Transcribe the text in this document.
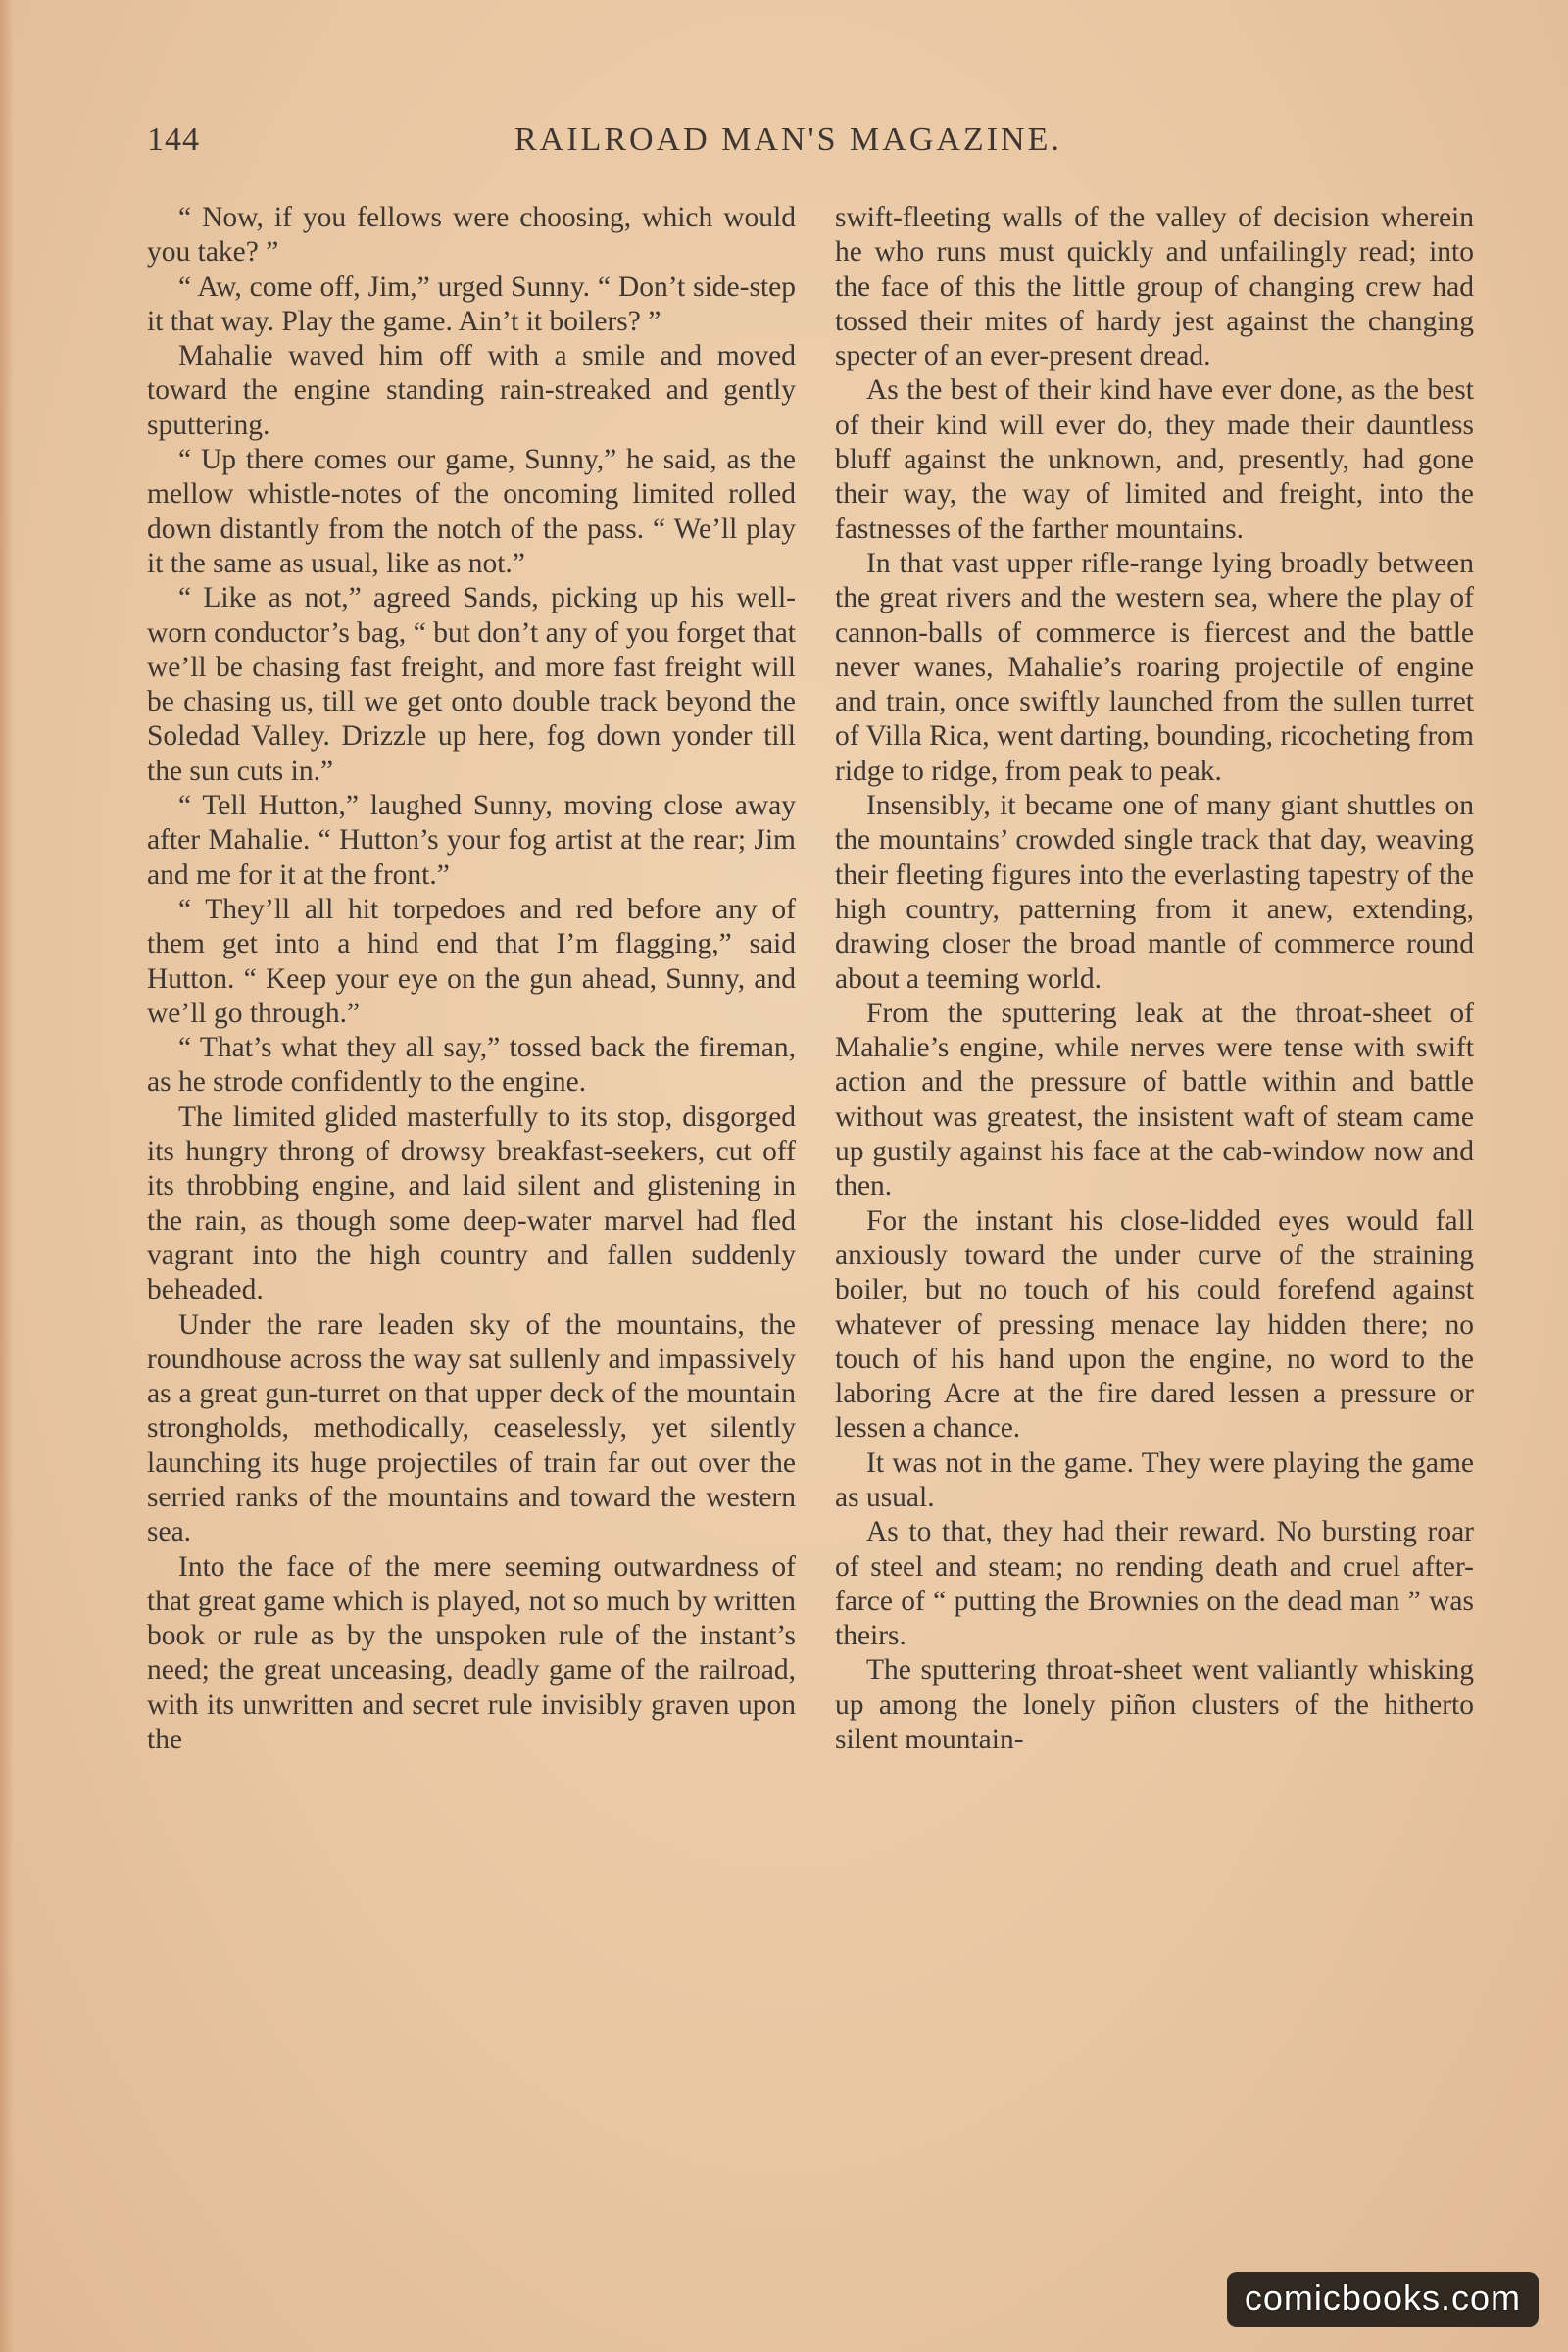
144	RAILROAD MAN'S MAGAZINE.

“ Now, if you fellows were choosing, which would you take? ”

“ Aw, come off, Jim,” urged Sunny. “ Don’t side-step it that way. Play the game. Ain’t it boilers? ”

Mahalie waved him off with a smile and moved toward the engine standing rain-streaked and gently sputtering.

“ Up there comes our game, Sunny,” he said, as the mellow whistle-notes of the oncoming limited rolled down distantly from the notch of the pass. “ We’ll play it the same as usual, like as not.”

“ Like as not,” agreed Sands, picking up his well-worn conductor’s bag, “ but don’t any of you forget that we’ll be chasing fast freight, and more fast freight will be chasing us, till we get onto double track beyond the Soledad Valley. Drizzle up here, fog down yonder till the sun cuts in.”

“ Tell Hutton,” laughed Sunny, moving close away after Mahalie. “ Hutton’s your fog artist at the rear; Jim and me for it at the front.”

“ They’ll all hit torpedoes and red before any of them get into a hind end that I’m flagging,” said Hutton. “ Keep your eye on the gun ahead, Sunny, and we’ll go through.”

“ That’s what they all say,” tossed back the fireman, as he strode confidently to the engine.

The limited glided masterfully to its stop, disgorged its hungry throng of drowsy breakfast-seekers, cut off its throbbing engine, and laid silent and glistening in the rain, as though some deep-water marvel had fled vagrant into the high country and fallen suddenly beheaded.

Under the rare leaden sky of the mountains, the roundhouse across the way sat sullenly and impassively as a great gun-turret on that upper deck of the mountain strongholds, methodically, ceaselessly, yet silently launching its huge projectiles of train far out over the serried ranks of the mountains and toward the western sea.

Into the face of the mere seeming outwardness of that great game which is played, not so much by written book or rule as by the unspoken rule of the instant’s need; the great unceasing, deadly game of the railroad, with its unwritten and secret rule invisibly graven upon the

swift-fleeting walls of the valley of decision wherein he who runs must quickly and unfailingly read; into the face of this the little group of changing crew had tossed their mites of hardy jest against the changing specter of an ever-present dread.

As the best of their kind have ever done, as the best of their kind will ever do, they made their dauntless bluff against the unknown, and, presently, had gone their way, the way of limited and freight, into the fastnesses of the farther mountains.

In that vast upper rifle-range lying broadly between the great rivers and the western sea, where the play of cannon-balls of commerce is fiercest and the battle never wanes, Mahalie’s roaring projectile of engine and train, once swiftly launched from the sullen turret of Villa Rica, went darting, bounding, ricocheting from ridge to ridge, from peak to peak.

Insensibly, it became one of many giant shuttles on the mountains’ crowded single track that day, weaving their fleeting figures into the everlasting tapestry of the high country, patterning from it anew, extending, drawing closer the broad mantle of commerce round about a teeming world.

From the sputtering leak at the throat-sheet of Mahalie’s engine, while nerves were tense with swift action and the pressure of battle within and battle without was greatest, the insistent waft of steam came up gustily against his face at the cab-window now and then.

For the instant his close-lidded eyes would fall anxiously toward the under curve of the straining boiler, but no touch of his could forefend against whatever of pressing menace lay hidden there; no touch of his hand upon the engine, no word to the laboring Acre at the fire dared lessen a pressure or lessen a chance.

It was not in the game. They were playing the game as usual.

As to that, they had their reward. No bursting roar of steel and steam; no rending death and cruel after-farce of “ putting the Brownies on the dead man ” was theirs.

The sputtering throat-sheet went valiantly whisking up among the lonely piñon clusters of the hitherto silent mountain-

comicbooks.com
